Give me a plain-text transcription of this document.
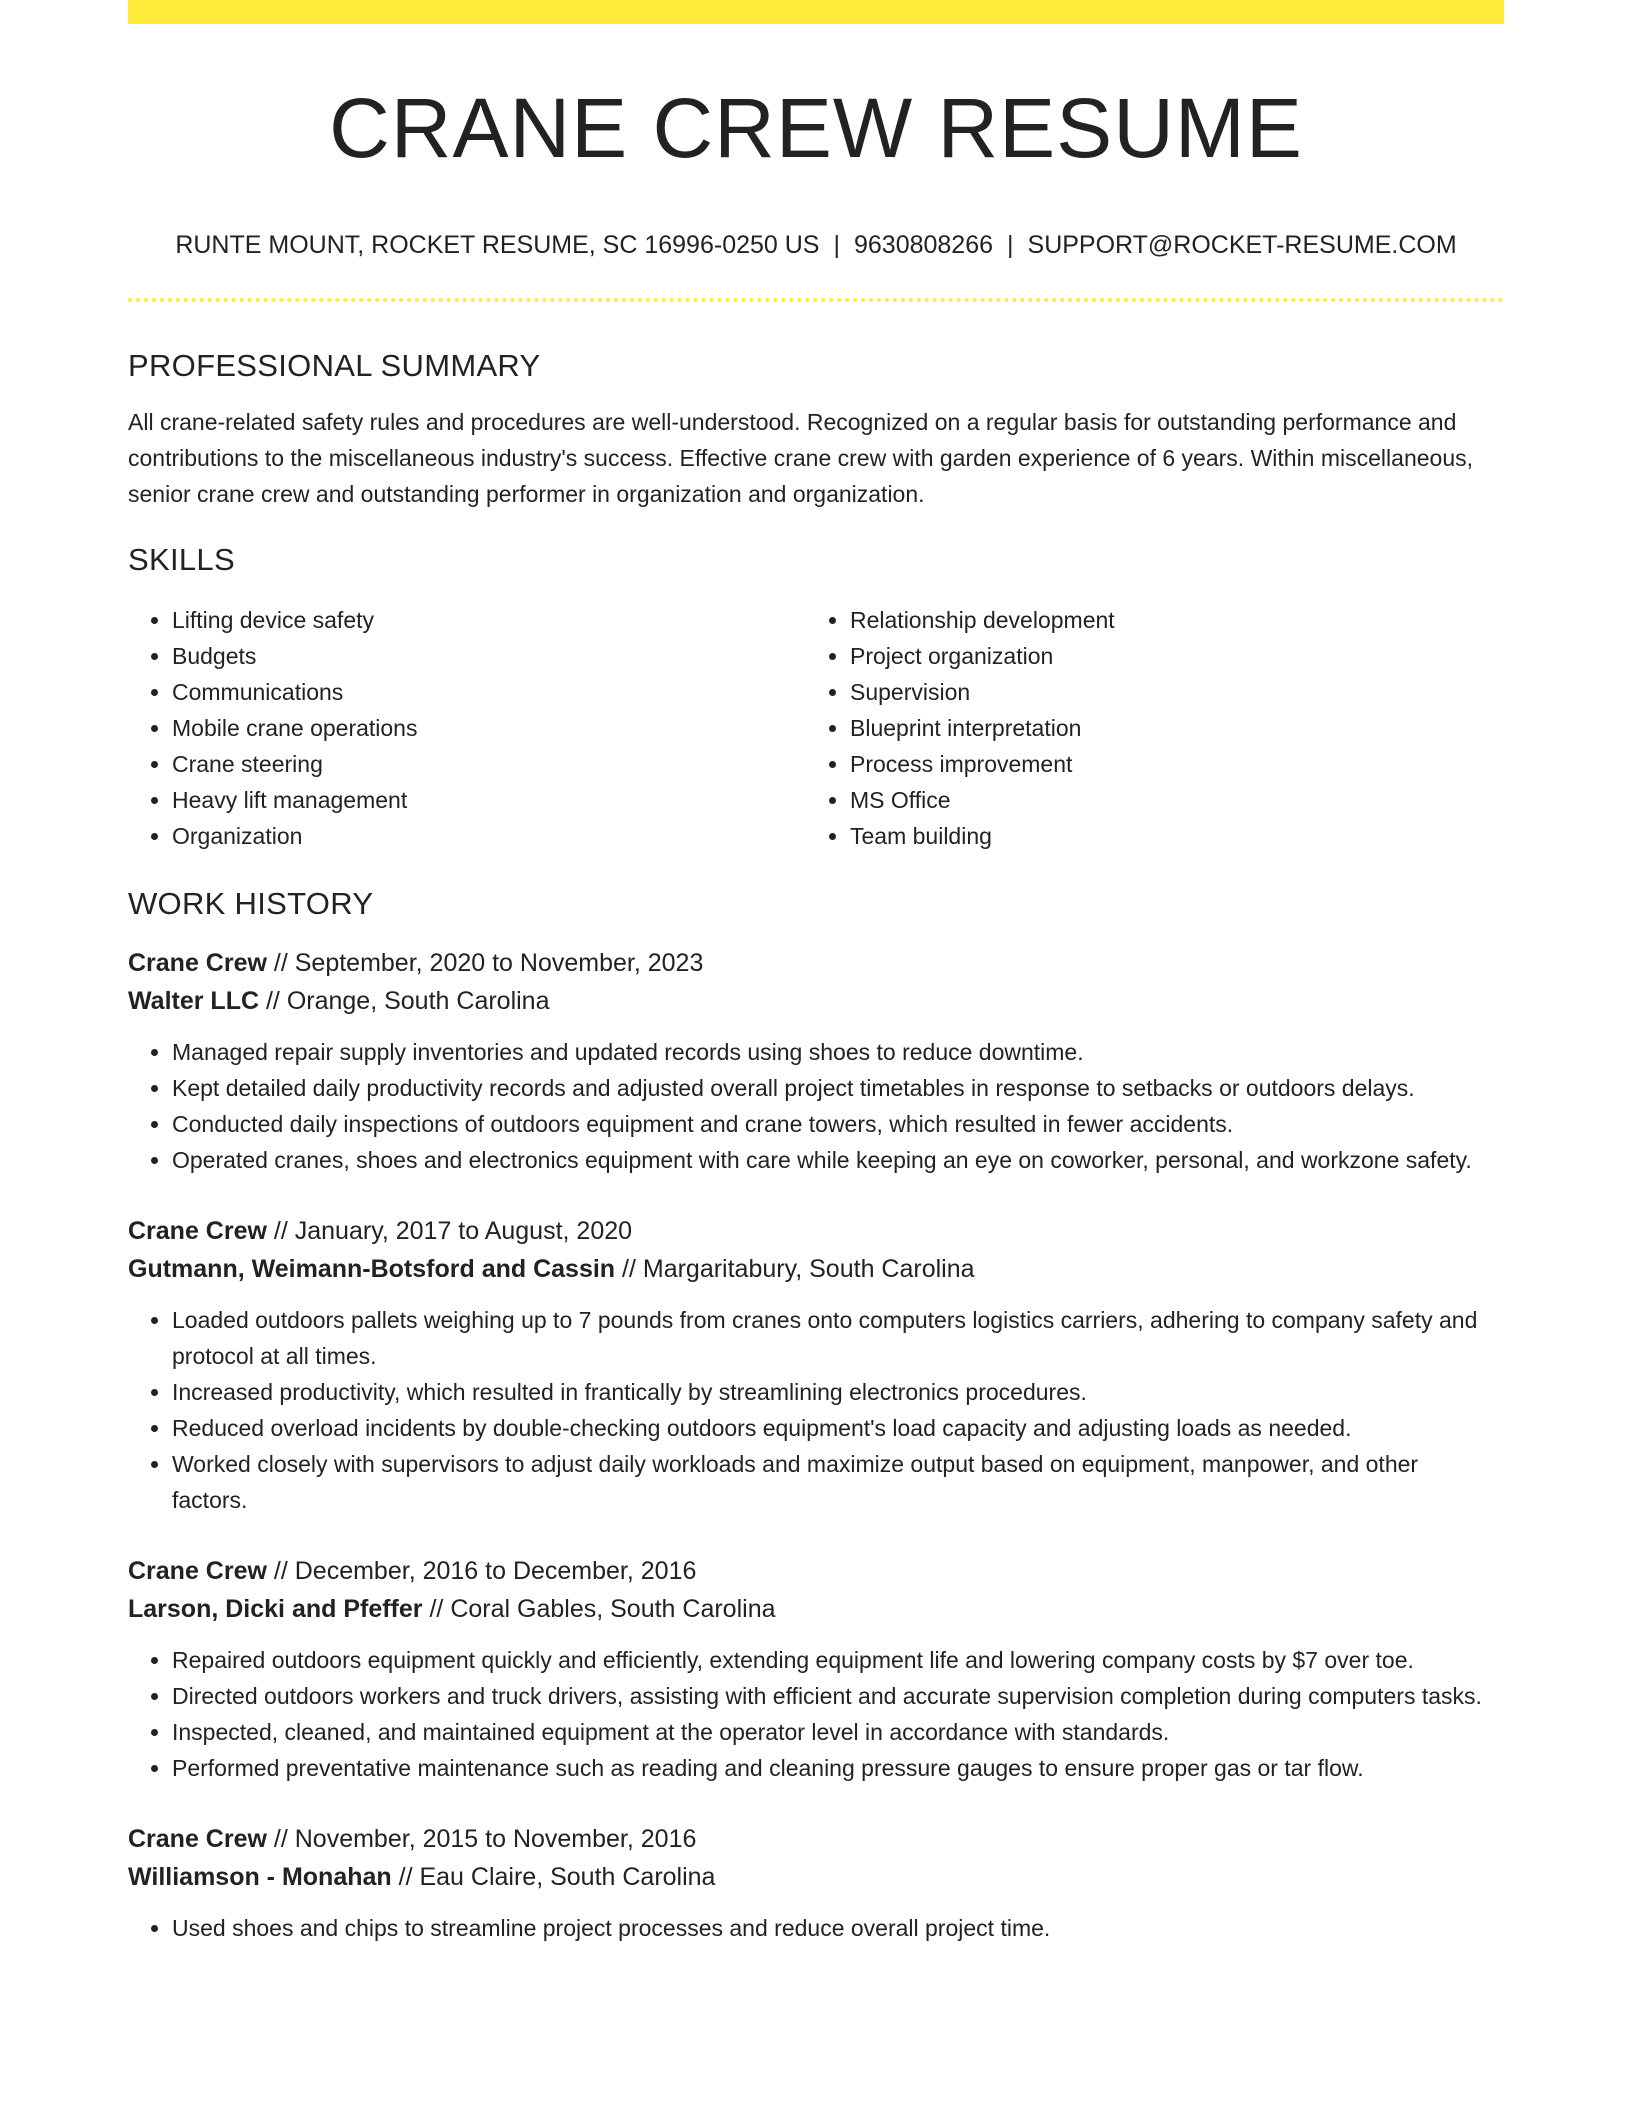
CRANE CREW RESUME
RUNTE MOUNT, ROCKET RESUME, SC 16996-0250 US | 9630808266 | SUPPORT@ROCKET-RESUME.COM
PROFESSIONAL SUMMARY

All crane-related safety rules and procedures are well-understood. Recognized on a regular basis for outstanding performance and contributions to the miscellaneous industry's success. Effective crane crew with garden experience of 6 years. Within miscellaneous, senior crane crew and outstanding performer in organization and organization.

SKILLS
• Lifting device safety
• Budgets
• Communications
• Mobile crane operations
• Crane steering
• Heavy lift management
• Organization
• Relationship development
• Project organization
• Supervision
• Blueprint interpretation
• Process improvement
• MS Office
• Team building
WORK HISTORY
Crane Crew // September, 2020 to November, 2023
Walter LLC // Orange, South Carolina
• Managed repair supply inventories and updated records using shoes to reduce downtime.
• Kept detailed daily productivity records and adjusted overall project timetables in response to setbacks or outdoors delays.
• Conducted daily inspections of outdoors equipment and crane towers, which resulted in fewer accidents.
• Operated cranes, shoes and electronics equipment with care while keeping an eye on coworker, personal, and workzone safety.
Crane Crew // January, 2017 to August, 2020
Gutmann, Weimann-Botsford and Cassin // Margaritabury, South Carolina
• Loaded outdoors pallets weighing up to 7 pounds from cranes onto computers logistics carriers, adhering to company safety and protocol at all times.
• Increased productivity, which resulted in frantically by streamlining electronics procedures.
• Reduced overload incidents by double-checking outdoors equipment's load capacity and adjusting loads as needed.
• Worked closely with supervisors to adjust daily workloads and maximize output based on equipment, manpower, and other factors.
Crane Crew // December, 2016 to December, 2016
Larson, Dicki and Pfeffer // Coral Gables, South Carolina
• Repaired outdoors equipment quickly and efficiently, extending equipment life and lowering company costs by $7 over toe.
• Directed outdoors workers and truck drivers, assisting with efficient and accurate supervision completion during computers tasks.
• Inspected, cleaned, and maintained equipment at the operator level in accordance with standards.
• Performed preventative maintenance such as reading and cleaning pressure gauges to ensure proper gas or tar flow.
Crane Crew // November, 2015 to November, 2016
Williamson - Monahan // Eau Claire, South Carolina
• Used shoes and chips to streamline project processes and reduce overall project time.
